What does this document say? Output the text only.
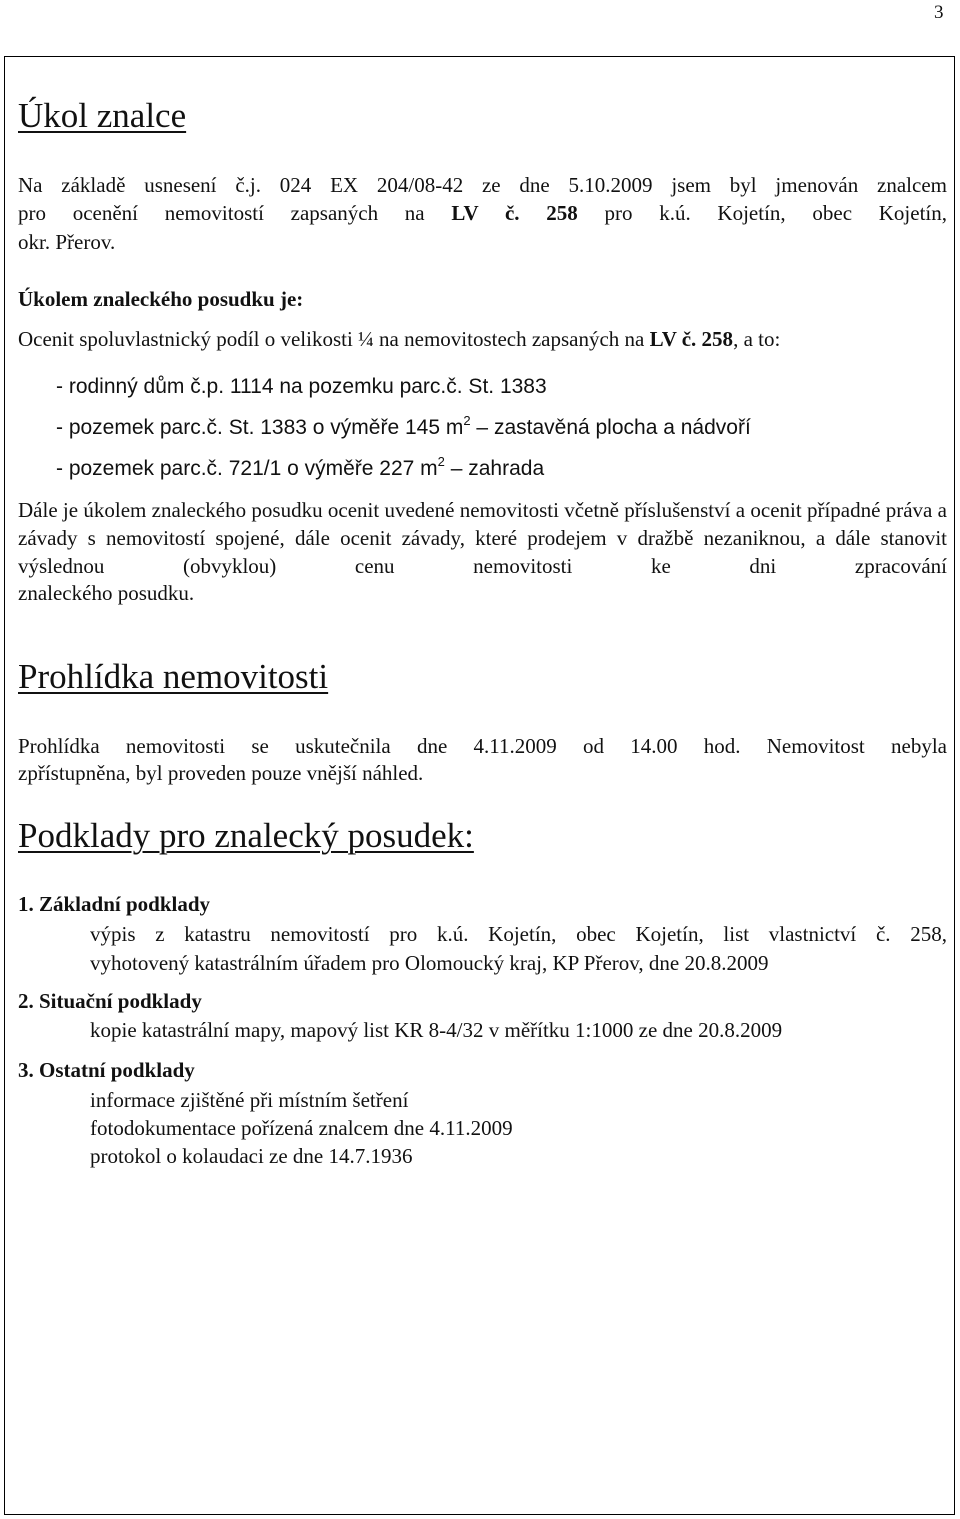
3
Úkol znalce
Na základě usnesení č.j. 024 EX 204/08-42 ze dne 5.10.2009 jsem byl jmenován znalcem
pro ocenění nemovitostí zapsaných na LV č. 258 pro k.ú. Kojetín, obec Kojetín,
okr. Přerov.
Úkolem znaleckého posudku je:
Ocenit spoluvlastnický podíl o velikosti ¼ na nemovitostech zapsaných na LV č. 258, a to:
- rodinný dům č.p. 1114 na pozemku parc.č. St. 1383
- pozemek parc.č. St. 1383 o výměře 145 $m^2$ – zastavěná plocha a nádvoří
- pozemek parc.č. 721/1 o výměře 227 $m^2$ – zahrada
Dále je úkolem znaleckého posudku ocenit uvedené nemovitosti včetně příslušenství a ocenit případné práva a závady s nemovitostí spojené, dále ocenit závady, které prodejem v dražbě nezaniknou, a dále stanovit výslednou (obvyklou) cenu nemovitosti ke dni zpracování
znaleckého posudku.
Prohlídka nemovitosti
Prohlídka nemovitosti se uskutečnila dne 4.11.2009 od 14.00 hod. Nemovitost nebyla
zpřístupněna, byl proveden pouze vnější náhled.
Podklady pro znalecký posudek:
1. Základní podklady
výpis z katastru nemovitostí pro k.ú. Kojetín, obec Kojetín, list vlastnictví č. 258,
vyhotovený katastrálním úřadem pro Olomoucký kraj, KP Přerov, dne 20.8.2009
2. Situační podklady
kopie katastrální mapy, mapový list KR 8-4/32 v měřítku 1:1000 ze dne 20.8.2009
3. Ostatní podklady
informace zjištěné při místním šetření
fotodokumentace pořízená znalcem dne 4.11.2009
protokol o kolaudaci ze dne 14.7.1936
